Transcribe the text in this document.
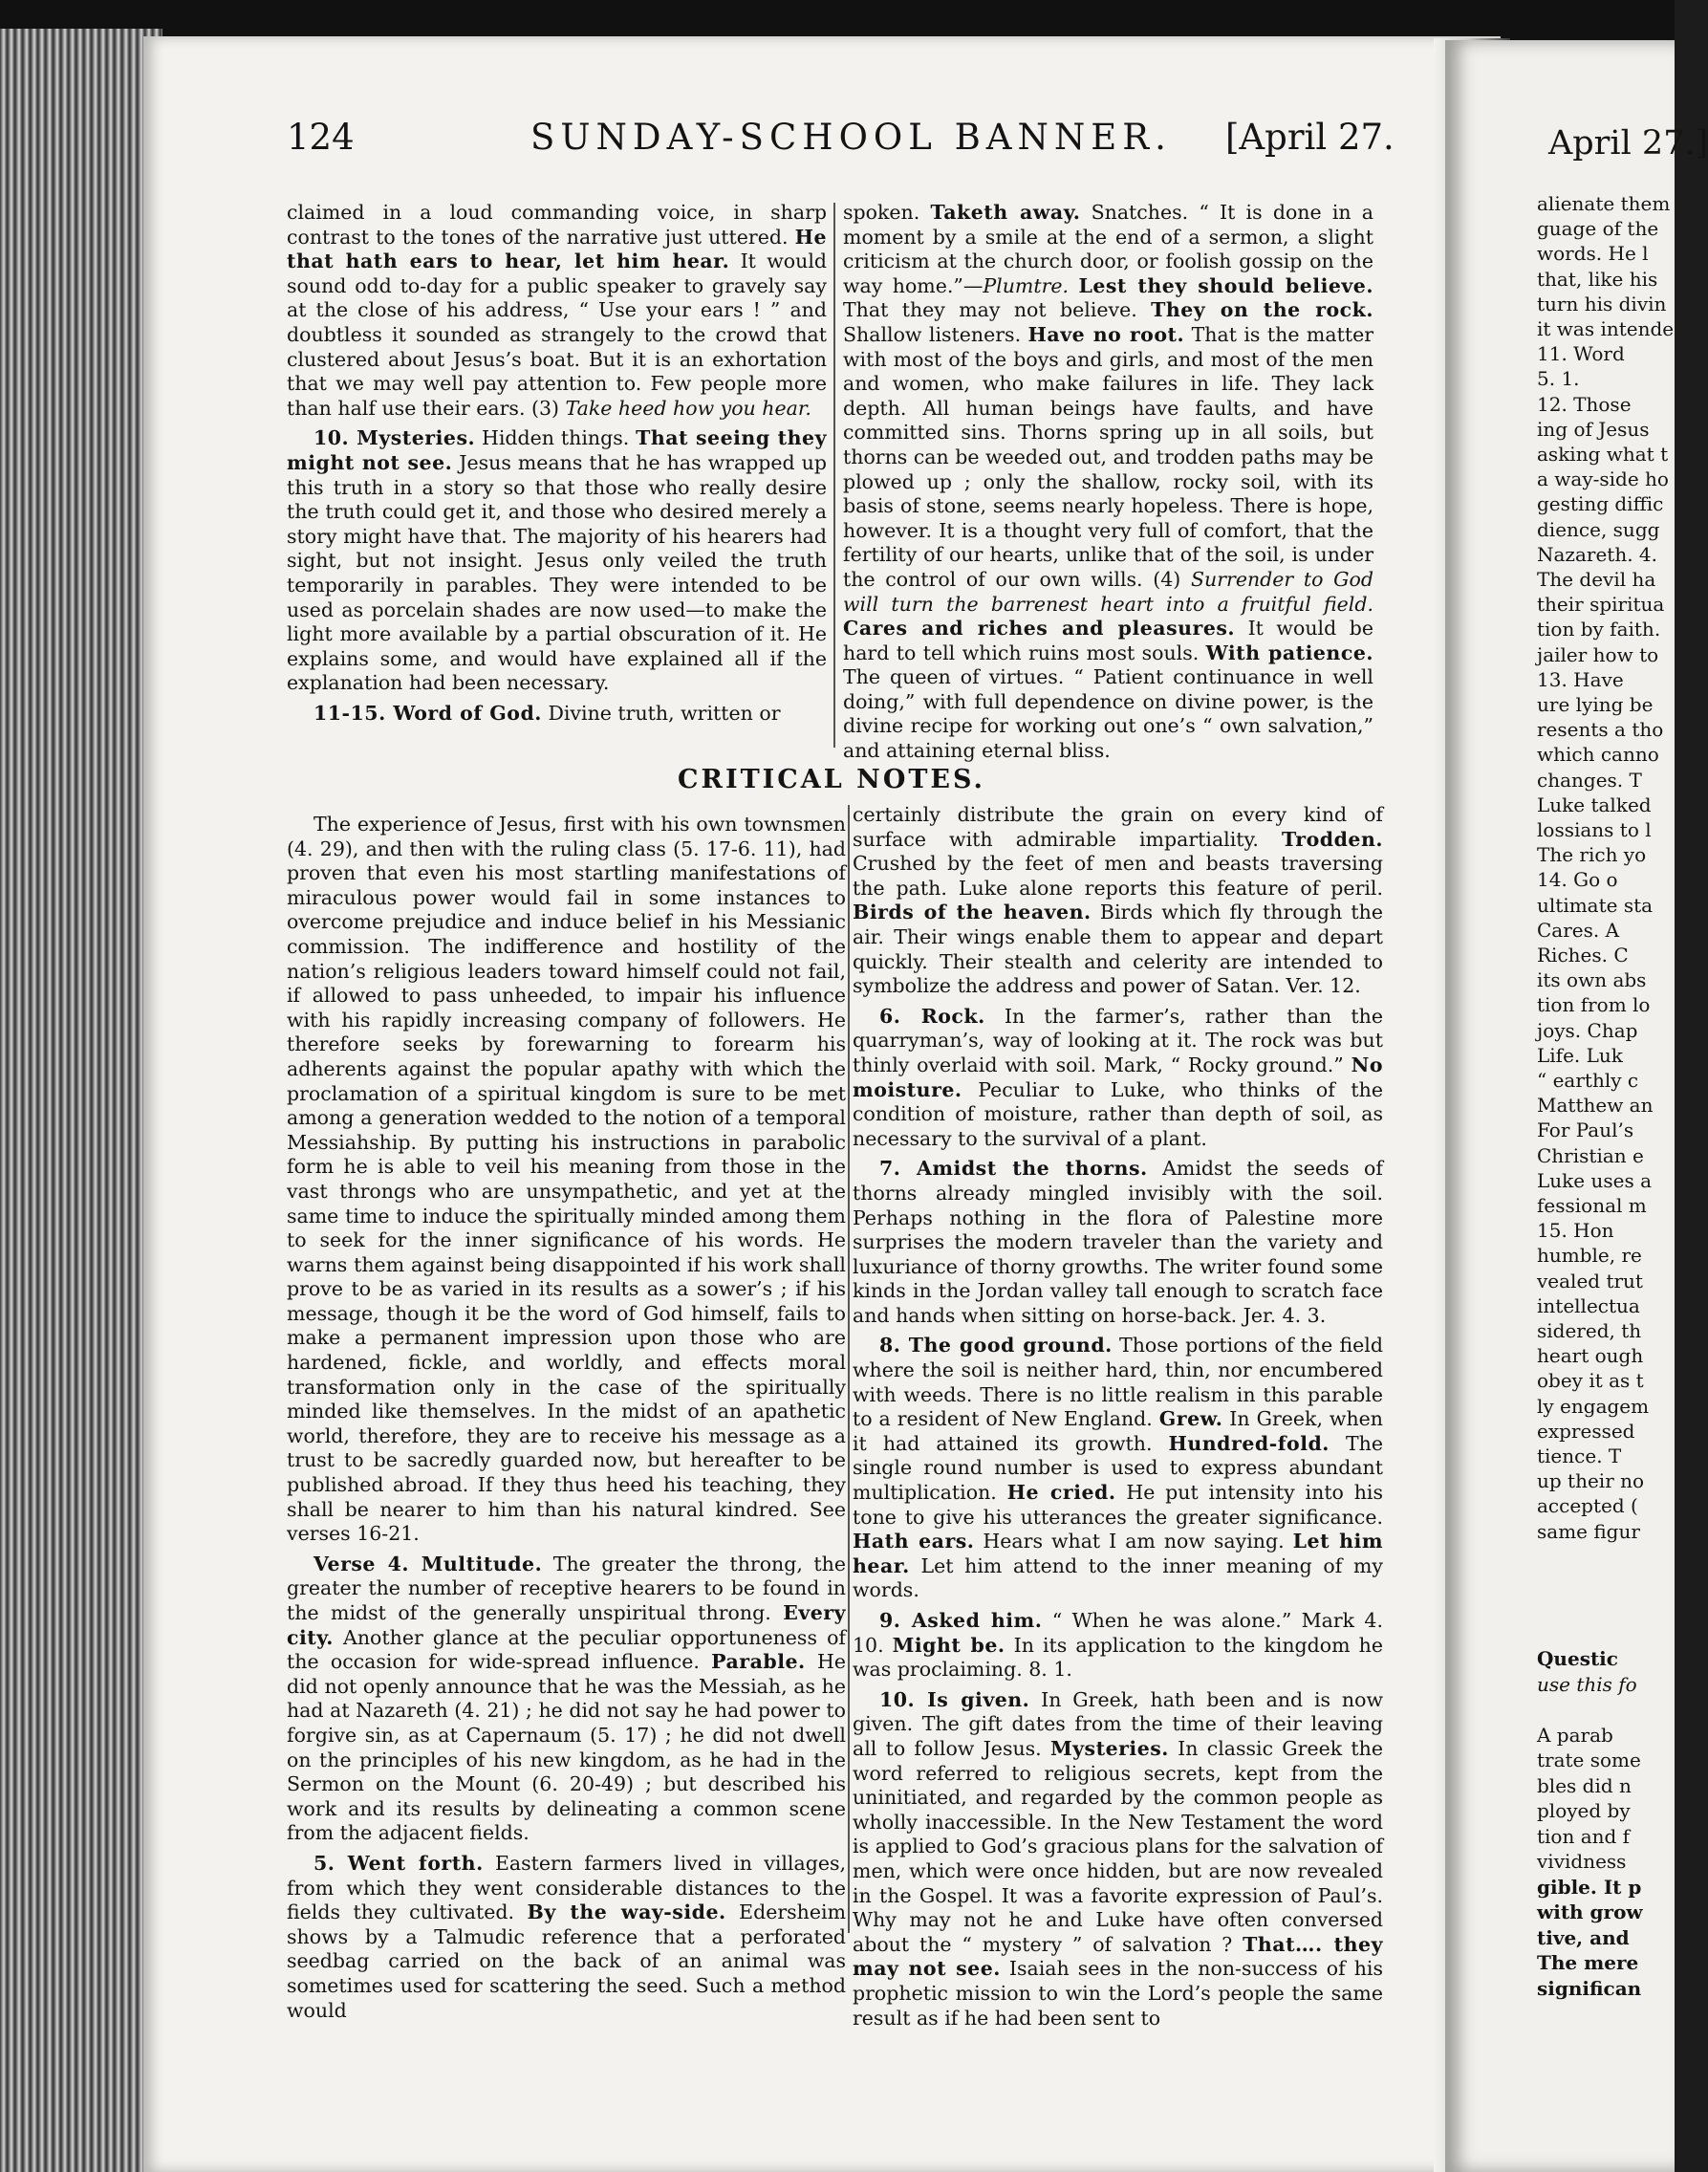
April 27.]
alienate them
guage of the
words. He l
that, like his
turn his divin
it was intende
11. Word
5. 1.
12. Those
ing of Jesus
asking what t
a way-side ho
gesting diffic
dience, sugg
Nazareth. 4.
The devil ha
their spiritua
tion by faith.
jailer how to
13. Have
ure lying be
resents a tho
which canno
changes. T
Luke talked
lossians to l
The rich yo
14. Go o
ultimate sta
Cares. A
Riches. C
its own abs
tion from lo
joys. Chap
Life. Luk
“ earthly c
Matthew an
For Paul’s
Christian e
Luke uses a
fessional m
15. Hon
humble, re
vealed trut
intellectua
sidered, th
heart ough
obey it as t
ly engagem
expressed
tience. T
up their no
accepted (
same figur
Questic
use this fo
A parab
trate some
bles did n
ployed by
tion and f
vividness
gible. It p
with grow
tive, and
The mere
significan
124	SUNDAY-SCHOOL BANNER. [April 27.

claimed in a loud commanding voice, in sharp contrast to the tones of the narrative just uttered. He that hath ears to hear, let him hear. It would sound odd to-day for a public speaker to gravely say at the close of his address, “ Use your ears ! ” and doubtless it sounded as strangely to the crowd that clustered about Jesus’s boat. But it is an exhortation that we may well pay attention to. Few people more than half use their ears. (3) Take heed how you hear.

10. Mysteries. Hidden things. That seeing they might not see. Jesus means that he has wrapped up this truth in a story so that those who really desire the truth could get it, and those who desired merely a story might have that. The majority of his hearers had sight, but not insight. Jesus only veiled the truth temporarily in parables. They were intended to be used as porcelain shades are now used—to make the light more available by a partial obscuration of it. He explains some, and would have explained all if the explanation had been necessary.

11-15. Word of God. Divine truth, written or

spoken. Taketh away. Snatches. “ It is done in a moment by a smile at the end of a sermon, a slight criticism at the church door, or foolish gossip on the way home.”—Plumtre. Lest they should believe. That they may not believe. They on the rock. Shallow listeners. Have no root. That is the matter with most of the boys and girls, and most of the men and women, who make failures in life. They lack depth. All human beings have faults, and have committed sins. Thorns spring up in all soils, but thorns can be weeded out, and trodden paths may be plowed up ; only the shallow, rocky soil, with its basis of stone, seems nearly hopeless. There is hope, however. It is a thought very full of comfort, that the fertility of our hearts, unlike that of the soil, is under the control of our own wills. (4) Surrender to God will turn the barrenest heart into a fruitful field. Cares and riches and pleasures. It would be hard to tell which ruins most souls. With patience. The queen of virtues. “ Patient continuance in well doing,” with full dependence on divine power, is the divine recipe for working out one’s “ own salvation,” and attaining eternal bliss.

CRITICAL NOTES.

The experience of Jesus, first with his own townsmen (4. 29), and then with the ruling class (5. 17-6. 11), had proven that even his most startling manifestations of miraculous power would fail in some instances to overcome prejudice and induce belief in his Messianic commission. The indifference and hostility of the nation’s religious leaders toward himself could not fail, if allowed to pass unheeded, to impair his influence with his rapidly increasing company of followers. He therefore seeks by forewarning to forearm his adherents against the popular apathy with which the proclamation of a spiritual kingdom is sure to be met among a generation wedded to the notion of a temporal Messiahship. By putting his instructions in parabolic form he is able to veil his meaning from those in the vast throngs who are unsympathetic, and yet at the same time to induce the spiritually minded among them to seek for the inner significance of his words. He warns them against being disappointed if his work shall prove to be as varied in its results as a sower’s ; if his message, though it be the word of God himself, fails to make a permanent impression upon those who are hardened, fickle, and worldly, and effects moral transformation only in the case of the spiritually minded like themselves. In the midst of an apathetic world, therefore, they are to receive his message as a trust to be sacredly guarded now, but hereafter to be published abroad. If they thus heed his teaching, they shall be nearer to him than his natural kindred. See verses 16-21.

Verse 4. Multitude. The greater the throng, the greater the number of receptive hearers to be found in the midst of the generally unspiritual throng. Every city. Another glance at the peculiar opportuneness of the occasion for wide-spread influence. Parable. He did not openly announce that he was the Messiah, as he had at Nazareth (4. 21) ; he did not say he had power to forgive sin, as at Capernaum (5. 17) ; he did not dwell on the principles of his new kingdom, as he had in the Sermon on the Mount (6. 20-49) ; but described his work and its results by delineating a common scene from the adjacent fields.

5. Went forth. Eastern farmers lived in villages, from which they went considerable distances to the fields they cultivated. By the way-side. Edersheim shows by a Talmudic reference that a perforated seedbag carried on the back of an animal was sometimes used for scattering the seed. Such a method would

certainly distribute the grain on every kind of surface with admirable impartiality. Trodden. Crushed by the feet of men and beasts traversing the path. Luke alone reports this feature of peril. Birds of the heaven. Birds which fly through the air. Their wings enable them to appear and depart quickly. Their stealth and celerity are intended to symbolize the address and power of Satan. Ver. 12.

6. Rock. In the farmer’s, rather than the quarryman’s, way of looking at it. The rock was but thinly overlaid with soil. Mark, “ Rocky ground.” No moisture. Peculiar to Luke, who thinks of the condition of moisture, rather than depth of soil, as necessary to the survival of a plant.

7. Amidst the thorns. Amidst the seeds of thorns already mingled invisibly with the soil. Perhaps nothing in the flora of Palestine more surprises the modern traveler than the variety and luxuriance of thorny growths. The writer found some kinds in the Jordan valley tall enough to scratch face and hands when sitting on horse-back. Jer. 4. 3.

8. The good ground. Those portions of the field where the soil is neither hard, thin, nor encumbered with weeds. There is no little realism in this parable to a resident of New England. Grew. In Greek, when it had attained its growth. Hundred-fold. The single round number is used to express abundant multiplication. He cried. He put intensity into his tone to give his utterances the greater significance. Hath ears. Hears what I am now saying. Let him hear. Let him attend to the inner meaning of my words.

9. Asked him. “ When he was alone.” Mark 4. 10. Might be. In its application to the kingdom he was proclaiming. 8. 1.

10. Is given. In Greek, hath been and is now given. The gift dates from the time of their leaving all to follow Jesus. Mysteries. In classic Greek the word referred to religious secrets, kept from the uninitiated, and regarded by the common people as wholly inaccessible. In the New Testament the word is applied to God’s gracious plans for the salvation of men, which were once hidden, but are now revealed in the Gospel. It was a favorite expression of Paul’s. Why may not he and Luke have often conversed about the “ mystery ” of salvation ? That…. they may not see. Isaiah sees in the non-success of his prophetic mission to win the Lord’s people the same result as if he had been sent to
